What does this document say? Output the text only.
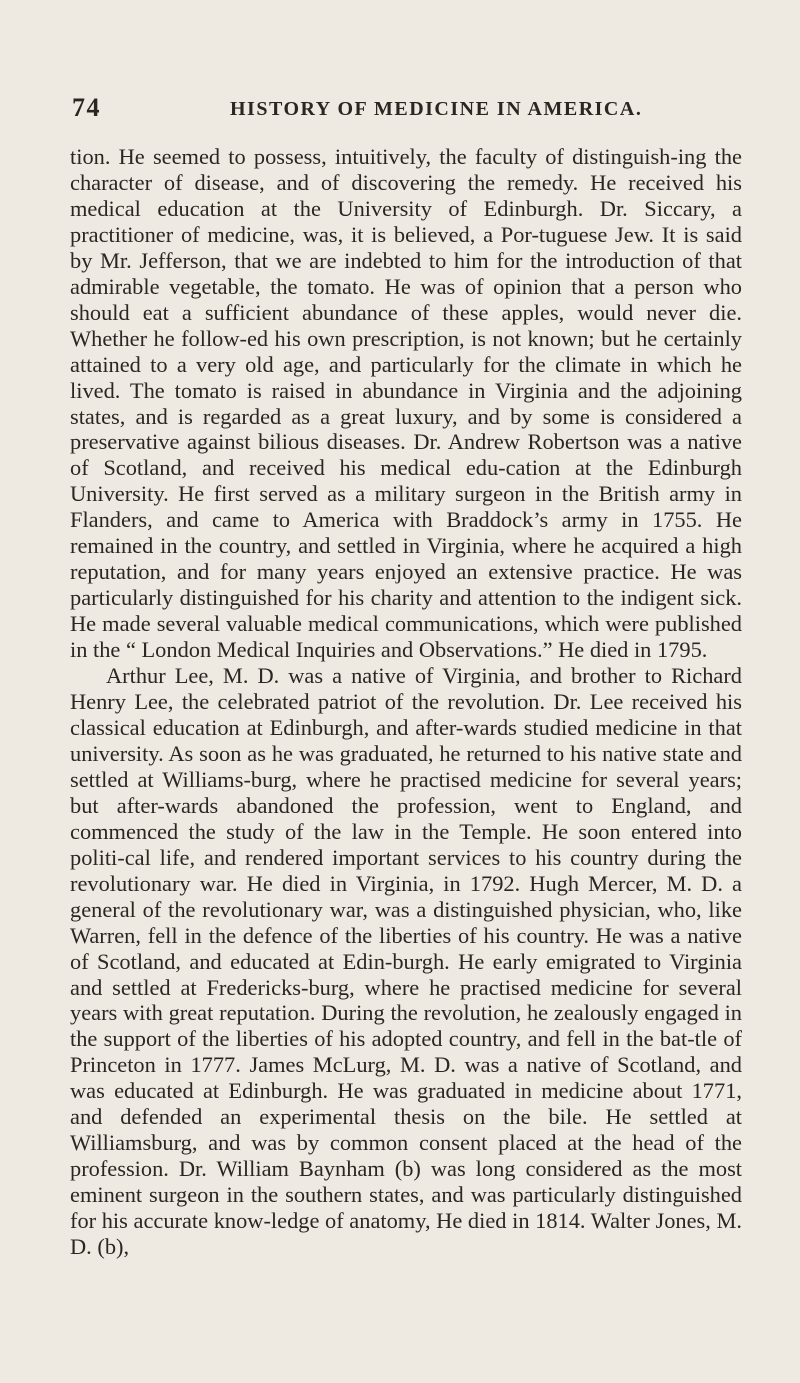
74	HISTORY OF MEDICINE IN AMERICA.

tion. He seemed to possess, intuitively, the faculty of distinguish-ing the character of disease, and of discovering the remedy. He received his medical education at the University of Edinburgh. Dr. Siccary, a practitioner of medicine, was, it is believed, a Por-tuguese Jew. It is said by Mr. Jefferson, that we are indebted to him for the introduction of that admirable vegetable, the tomato. He was of opinion that a person who should eat a sufficient abundance of these apples, would never die. Whether he follow-ed his own prescription, is not known; but he certainly attained to a very old age, and particularly for the climate in which he lived. The tomato is raised in abundance in Virginia and the adjoining states, and is regarded as a great luxury, and by some is considered a preservative against bilious diseases. Dr. Andrew Robertson was a native of Scotland, and received his medical edu-cation at the Edinburgh University. He first served as a military surgeon in the British army in Flanders, and came to America with Braddock’s army in 1755. He remained in the country, and settled in Virginia, where he acquired a high reputation, and for many years enjoyed an extensive practice. He was particularly distinguished for his charity and attention to the indigent sick. He made several valuable medical communications, which were published in the “ London Medical Inquiries and Observations.” He died in 1795.

Arthur Lee, M. D. was a native of Virginia, and brother to Richard Henry Lee, the celebrated patriot of the revolution. Dr. Lee received his classical education at Edinburgh, and after-wards studied medicine in that university. As soon as he was graduated, he returned to his native state and settled at Williams-burg, where he practised medicine for several years; but after-wards abandoned the profession, went to England, and commenced the study of the law in the Temple. He soon entered into politi-cal life, and rendered important services to his country during the revolutionary war. He died in Virginia, in 1792. Hugh Mercer, M. D. a general of the revolutionary war, was a distinguished physician, who, like Warren, fell in the defence of the liberties of his country. He was a native of Scotland, and educated at Edin-burgh. He early emigrated to Virginia and settled at Fredericks-burg, where he practised medicine for several years with great reputation. During the revolution, he zealously engaged in the support of the liberties of his adopted country, and fell in the bat-tle of Princeton in 1777. James McLurg, M. D. was a native of Scotland, and was educated at Edinburgh. He was graduated in medicine about 1771, and defended an experimental thesis on the bile. He settled at Williamsburg, and was by common consent placed at the head of the profession. Dr. William Baynham (b) was long considered as the most eminent surgeon in the southern states, and was particularly distinguished for his accurate know-ledge of anatomy, He died in 1814. Walter Jones, M. D. (b),
